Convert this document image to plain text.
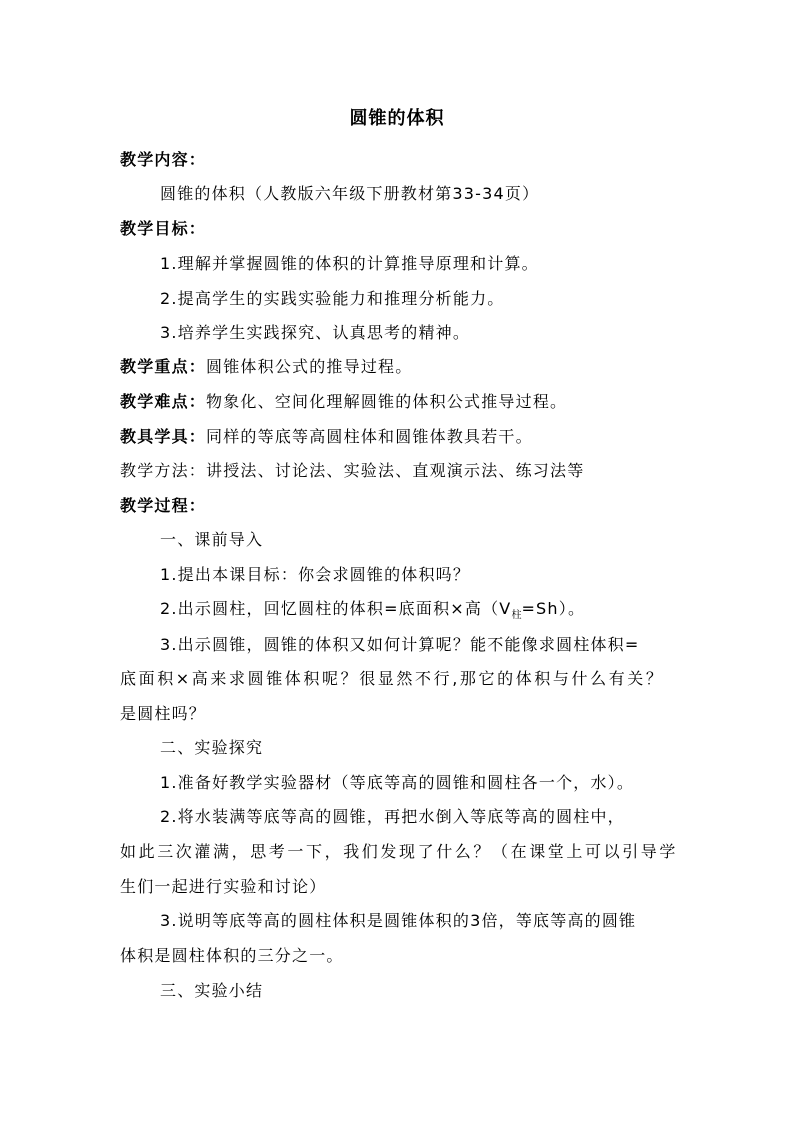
圆锥的体积
教学内容：
圆锥的体积（人教版六年级下册教材第33-34页）
教学目标：
1.理解并掌握圆锥的体积的计算推导原理和计算。
2.提高学生的实践实验能力和推理分析能力。
3.培养学生实践探究、认真思考的精神。
教学重点：圆锥体积公式的推导过程。
教学难点：物象化、空间化理解圆锥的体积公式推导过程。
教具学具：同样的等底等高圆柱体和圆锥体教具若干。
教学方法：讲授法、讨论法、实验法、直观演示法、练习法等
教学过程：
一、课前导入
1.提出本课目标：你会求圆锥的体积吗？
2.出示圆柱，回忆圆柱的体积=底面积×高$(V_柱=Sh)$。
3.出示圆锥，圆锥的体积又如何计算呢？能不能像求圆柱体积=
底面积×高来求圆锥体积呢？很显然不行,那它的体积与什么有关？
是圆柱吗？
二、实验探究
1.准备好教学实验器材（等底等高的圆锥和圆柱各一个，水）。
2.将水装满等底等高的圆锥，再把水倒入等底等高的圆柱中，
如此三次灌满，思考一下，我们发现了什么？（在课堂上可以引导学
生们一起进行实验和讨论）
3.说明等底等高的圆柱体积是圆锥体积的3倍，等底等高的圆锥
体积是圆柱体积的三分之一。
三、实验小结
